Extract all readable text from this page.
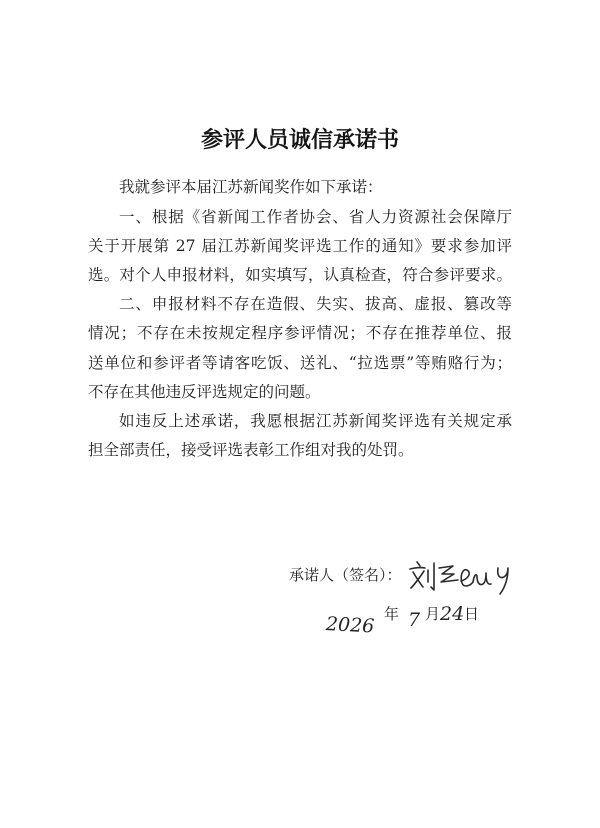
参评人员诚信承诺书
我就参评本届江苏新闻奖作如下承诺：
一、根据《省新闻工作者协会、省人力资源社会保障厅
关于开展第 27 届江苏新闻奖评选工作的通知》要求参加评
选。对个人申报材料，如实填写，认真检查，符合参评要求。
二、申报材料不存在造假、失实、拔高、虚报、篡改等
情况；不存在未按规定程序参评情况；不存在推荐单位、报
送单位和参评者等请客吃饭、送礼、“拉选票”等贿赂行为；
不存在其他违反评选规定的问题。
如违反上述承诺，我愿根据江苏新闻奖评选有关规定承
担全部责任，接受评选表彰工作组对我的处罚。
承诺人（签名）：
2026 年 7 月 24 日
